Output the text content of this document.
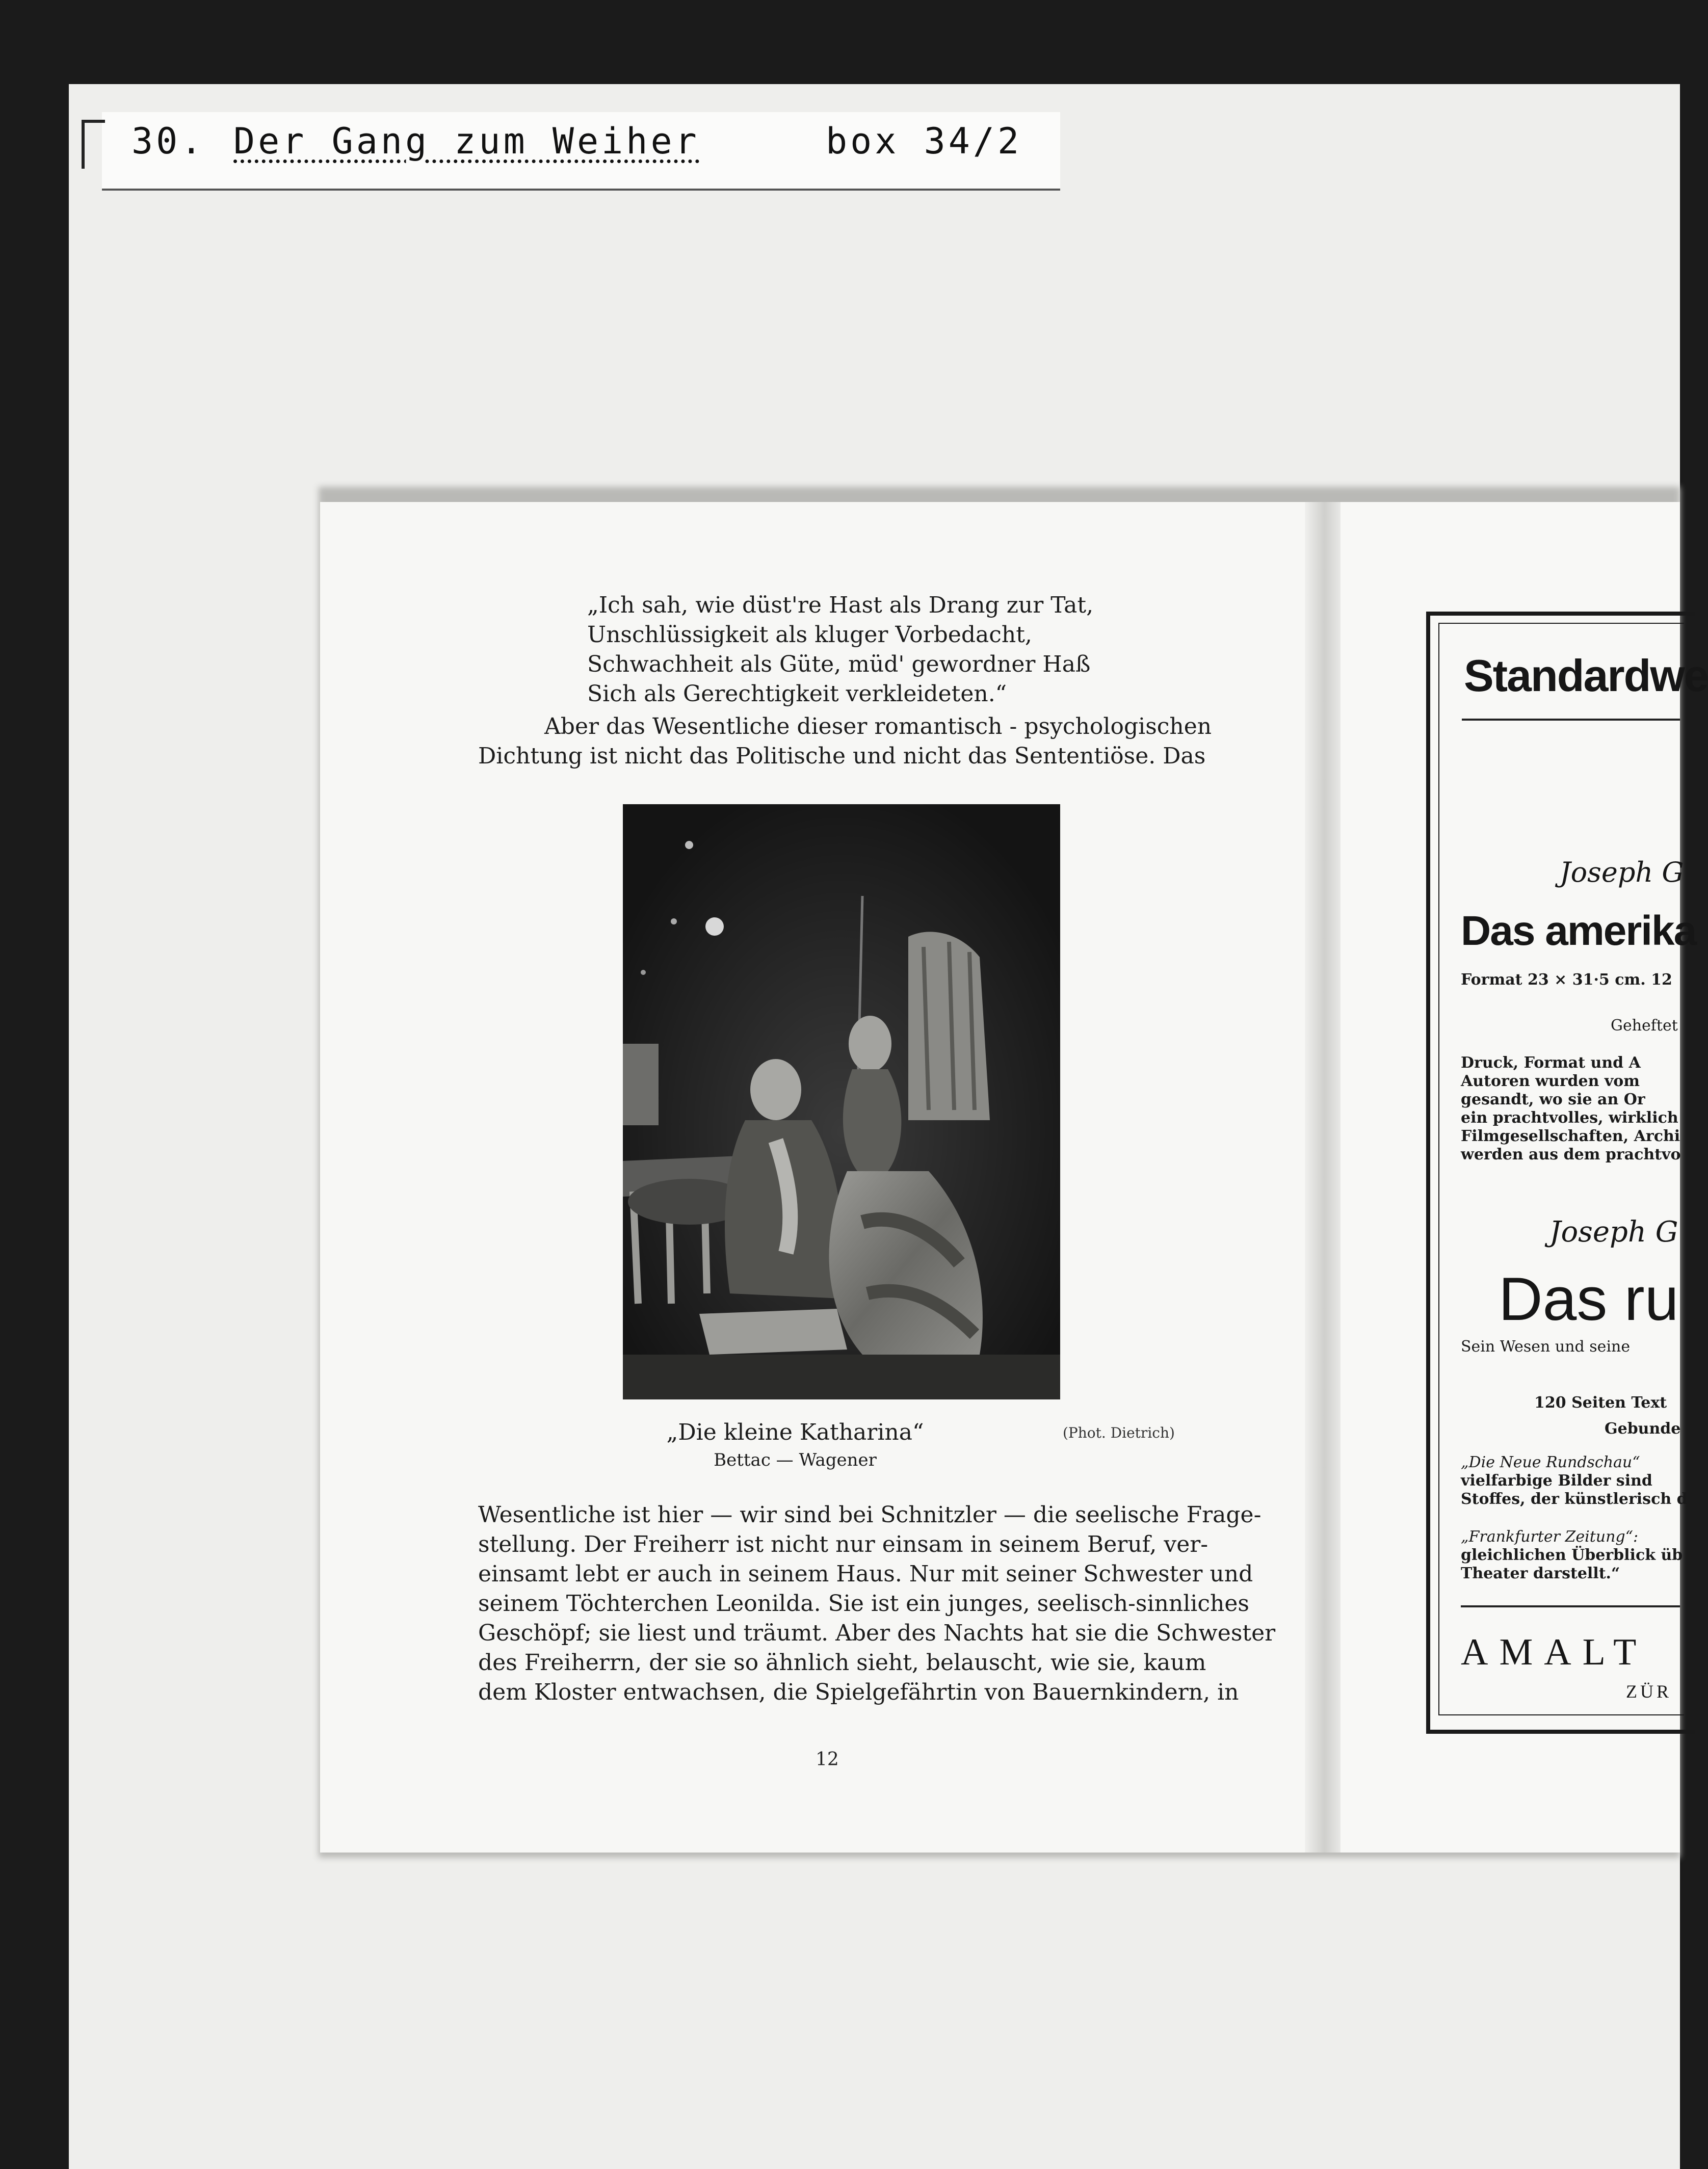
30. Der Gang zum Weiher	box 34/2
„Ich sah, wie düst're Hast als Drang zur Tat,
Unschlüssigkeit als kluger Vorbedacht,
Schwachheit als Güte, müd' gewordner Haß
Sich als Gerechtigkeit verkleideten.“
Aber das Wesentliche dieser romantisch - psychologischen
Dichtung ist nicht das Politische und nicht das Sententiöse. Das
„Die kleine Katharina“	(Phot. Dietrich)
Bettac — Wagener
Wesentliche ist hier — wir sind bei Schnitzler — die seelische Frage-
stellung. Der Freiherr ist nicht nur einsam in seinem Beruf, ver-
einsamt lebt er auch in seinem Haus. Nur mit seiner Schwester und
seinem Töchterchen Leonilda. Sie ist ein junges, seelisch-sinnliches
Geschöpf; sie liest und träumt. Aber des Nachts hat sie die Schwester
des Freiherrn, der sie so ähnlich sieht, belauscht, wie sie, kaum
dem Kloster entwachsen, die Spielgefährtin von Bauernkindern, in
12
Standardwe
Joseph G
Das amerika
Format 23 × 31·5 cm. 12
Geheftet
Druck, Format und A
Autoren wurden vom
gesandt, wo sie an Or
ein prachtvolles, wirklich
Filmgesellschaften, Archi
werden aus dem prachtvo
Joseph G
Das ru
Sein Wesen und seine
120 Seiten Text
Gebunde
„Die Neue Rundschau“
vielfarbige Bilder sind
Stoffes, der künstlerisch d
„Frankfurter Zeitung“:
gleichlichen Überblick üb
Theater darstellt.“
AMALT
ZÜR
